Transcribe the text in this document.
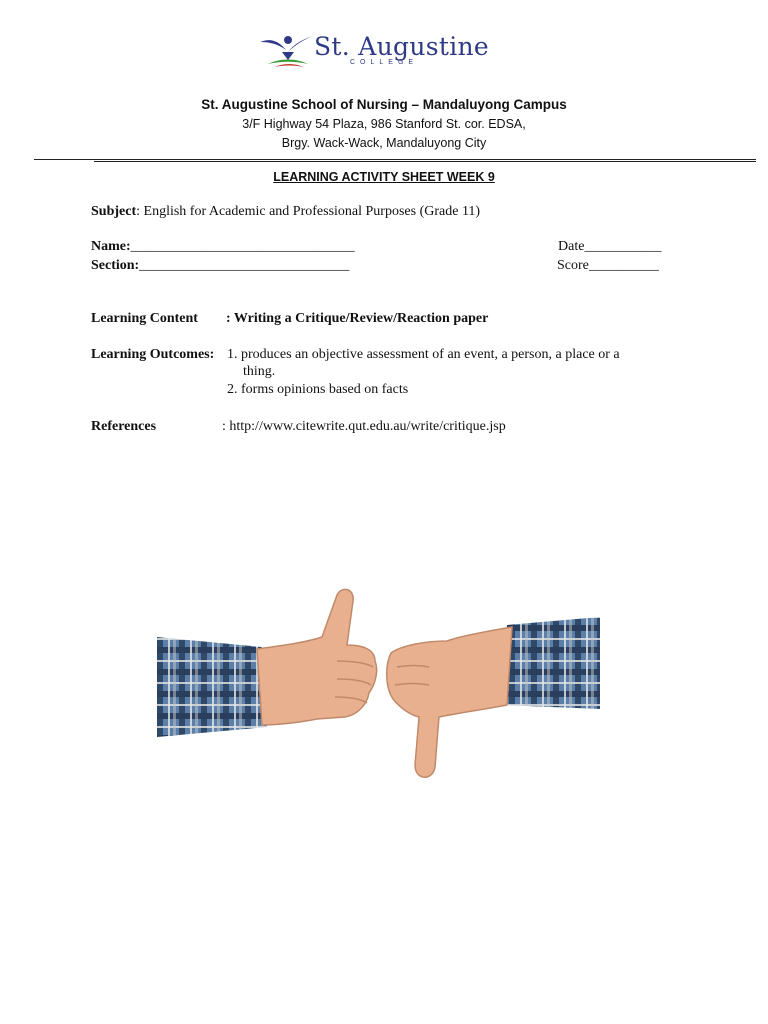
St. Augustine
COLLEGE
St. Augustine School of Nursing – Mandaluyong Campus
3/F Highway 54 Plaza, 986 Stanford St. cor. EDSA,
Brgy. Wack-Wack, Mandaluyong City
LEARNING ACTIVITY SHEET WEEK 9
Subject: English for Academic and Professional Purposes (Grade 11)
Name:________________________________	Date___________
Section:______________________________	Score__________
Learning Content : Writing a Critique/Review/Reaction paper
Learning Outcomes: 1. produces an objective assessment of an event, a person, a place or a
thing.
2. forms opinions based on facts
References	: http://www.citewrite.qut.edu.au/write/critique.jsp
